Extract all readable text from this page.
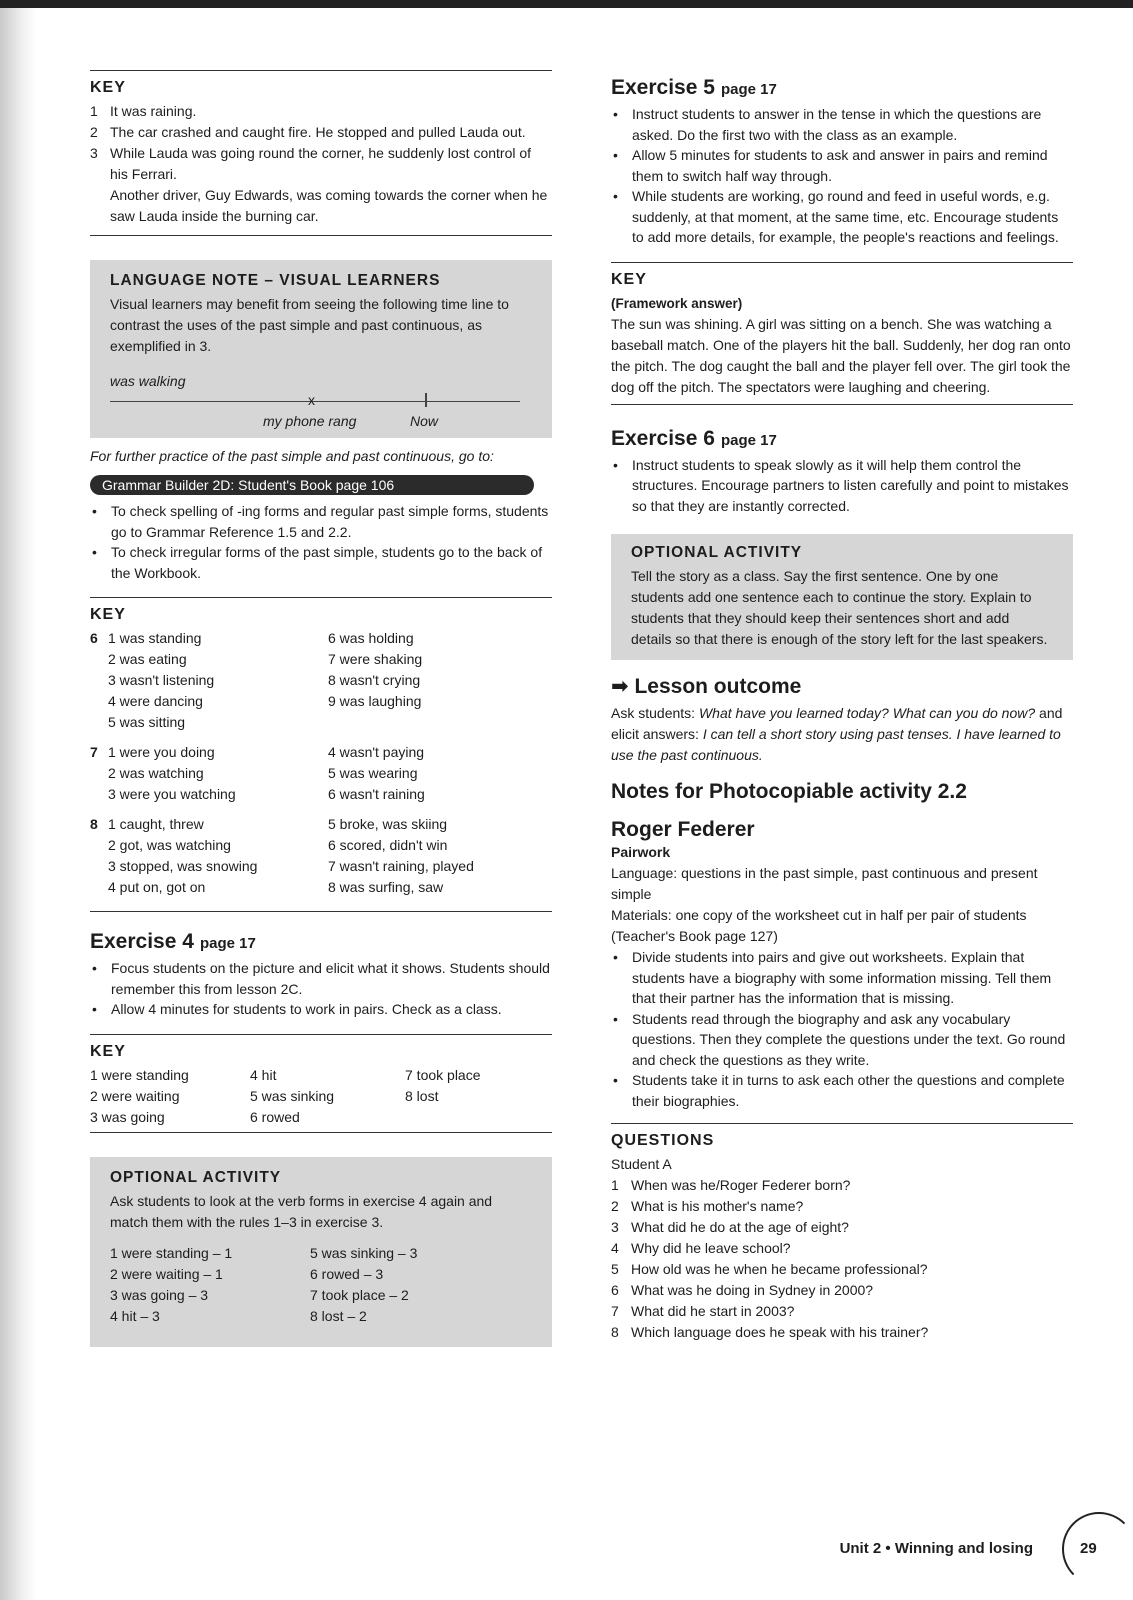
KEY
1 It was raining.
2 The car crashed and caught fire. He stopped and pulled Lauda out.
3 While Lauda was going round the corner, he suddenly lost control of his Ferrari.
Another driver, Guy Edwards, was coming towards the corner when he saw Lauda inside the burning car.
LANGUAGE NOTE – VISUAL LEARNERS
Visual learners may benefit from seeing the following time line to contrast the uses of the past simple and past continuous, as exemplified in 3.
was walking
x
my phone rang	Now
For further practice of the past simple and past continuous, go to:
Grammar Builder 2D: Student's Book page 106
• To check spelling of -ing forms and regular past simple forms, students go to Grammar Reference 1.5 and 2.2.
• To check irregular forms of the past simple, students go to the back of the Workbook.
KEY
6 1 was standing
2 was eating
3 wasn't listening
4 were dancing
5 was sitting
6 was holding
7 were shaking
8 wasn't crying
9 was laughing
7 1 were you doing
2 was watching
3 were you watching
4 wasn't paying
5 was wearing
6 wasn't raining
8 1 caught, threw
2 got, was watching
3 stopped, was snowing
4 put on, got on
5 broke, was skiing
6 scored, didn't win
7 wasn't raining, played
8 was surfing, saw
Exercise 4 page 17
• Focus students on the picture and elicit what it shows. Students should remember this from lesson 2C.
• Allow 4 minutes for students to work in pairs. Check as a class.
KEY
1 were standing
2 were waiting
3 was going
4 hit
5 was sinking
6 rowed
7 took place
8 lost
OPTIONAL ACTIVITY
Ask students to look at the verb forms in exercise 4 again and match them with the rules 1–3 in exercise 3.
1 were standing – 1
2 were waiting – 1
3 was going – 3
4 hit – 3
5 was sinking – 3
6 rowed – 3
7 took place – 2
8 lost – 2
Exercise 5 page 17
• Instruct students to answer in the tense in which the questions are asked. Do the first two with the class as an example.
• Allow 5 minutes for students to ask and answer in pairs and remind them to switch half way through.
• While students are working, go round and feed in useful words, e.g. suddenly, at that moment, at the same time, etc. Encourage students to add more details, for example, the people's reactions and feelings.
KEY
(Framework answer)
The sun was shining. A girl was sitting on a bench. She was watching a baseball match. One of the players hit the ball. Suddenly, her dog ran onto the pitch. The dog caught the ball and the player fell over. The girl took the dog off the pitch. The spectators were laughing and cheering.
Exercise 6 page 17
• Instruct students to speak slowly as it will help them control the structures. Encourage partners to listen carefully and point to mistakes so that they are instantly corrected.
OPTIONAL ACTIVITY
Tell the story as a class. Say the first sentence. One by one students add one sentence each to continue the story. Explain to students that they should keep their sentences short and add details so that there is enough of the story left for the last speakers.
➡ Lesson outcome
Ask students: What have you learned today? What can you do now? and elicit answers: I can tell a short story using past tenses. I have learned to use the past continuous.
Notes for Photocopiable activity 2.2
Roger Federer
Pairwork
Language: questions in the past simple, past continuous and present simple
Materials: one copy of the worksheet cut in half per pair of students (Teacher's Book page 127)
• Divide students into pairs and give out worksheets. Explain that students have a biography with some information missing. Tell them that their partner has the information that is missing.
• Students read through the biography and ask any vocabulary questions. Then they complete the questions under the text. Go round and check the questions as they write.
• Students take it in turns to ask each other the questions and complete their biographies.
QUESTIONS
Student A
1 When was he/Roger Federer born?
2 What is his mother's name?
3 What did he do at the age of eight?
4 Why did he leave school?
5 How old was he when he became professional?
6 What was he doing in Sydney in 2000?
7 What did he start in 2003?
8 Which language does he speak with his trainer?
Unit 2 • Winning and losing	29
